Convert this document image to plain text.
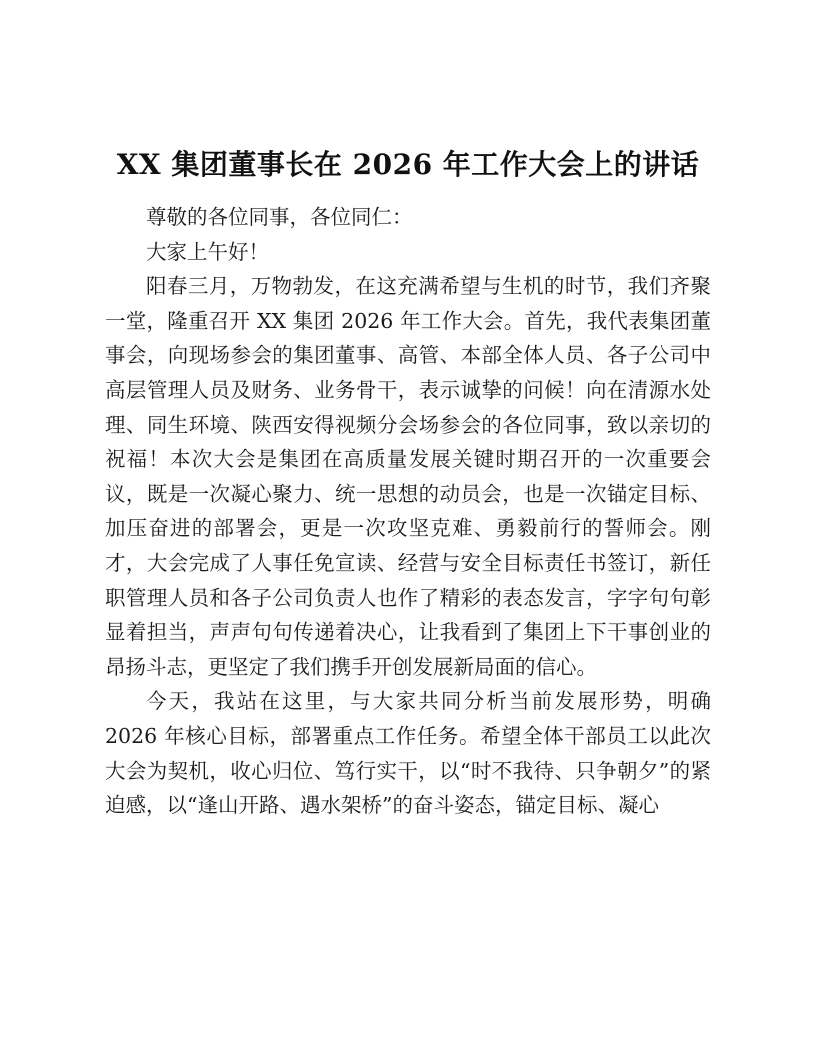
XX 集团董事长在 2026 年工作大会上的讲话

尊敬的各位同事，各位同仁：

大家上午好！

阳春三月，万物勃发，在这充满希望与生机的时节，我们齐聚一堂，隆重召开 XX 集团 2026 年工作大会。首先，我代表集团董事会，向现场参会的集团董事、高管、本部全体人员、各子公司中高层管理人员及财务、业务骨干，表示诚挚的问候！向在清源水处理、同生环境、陕西安得视频分会场参会的各位同事，致以亲切的祝福！本次大会是集团在高质量发展关键时期召开的一次重要会议，既是一次凝心聚力、统一思想的动员会，也是一次锚定目标、加压奋进的部署会，更是一次攻坚克难、勇毅前行的誓师会。刚才，大会完成了人事任免宣读、经营与安全目标责任书签订，新任职管理人员和各子公司负责人也作了精彩的表态发言，字字句句彰显着担当，声声句句传递着决心，让我看到了集团上下干事创业的昂扬斗志，更坚定了我们携手开创发展新局面的信心。

今天，我站在这里，与大家共同分析当前发展形势，明确 2026 年核心目标，部署重点工作任务。希望全体干部员工以此次大会为契机，收心归位、笃行实干，以“时不我待、只争朝夕”的紧迫感，以“逢山开路、遇水架桥”的奋斗姿态，锚定目标、凝心
